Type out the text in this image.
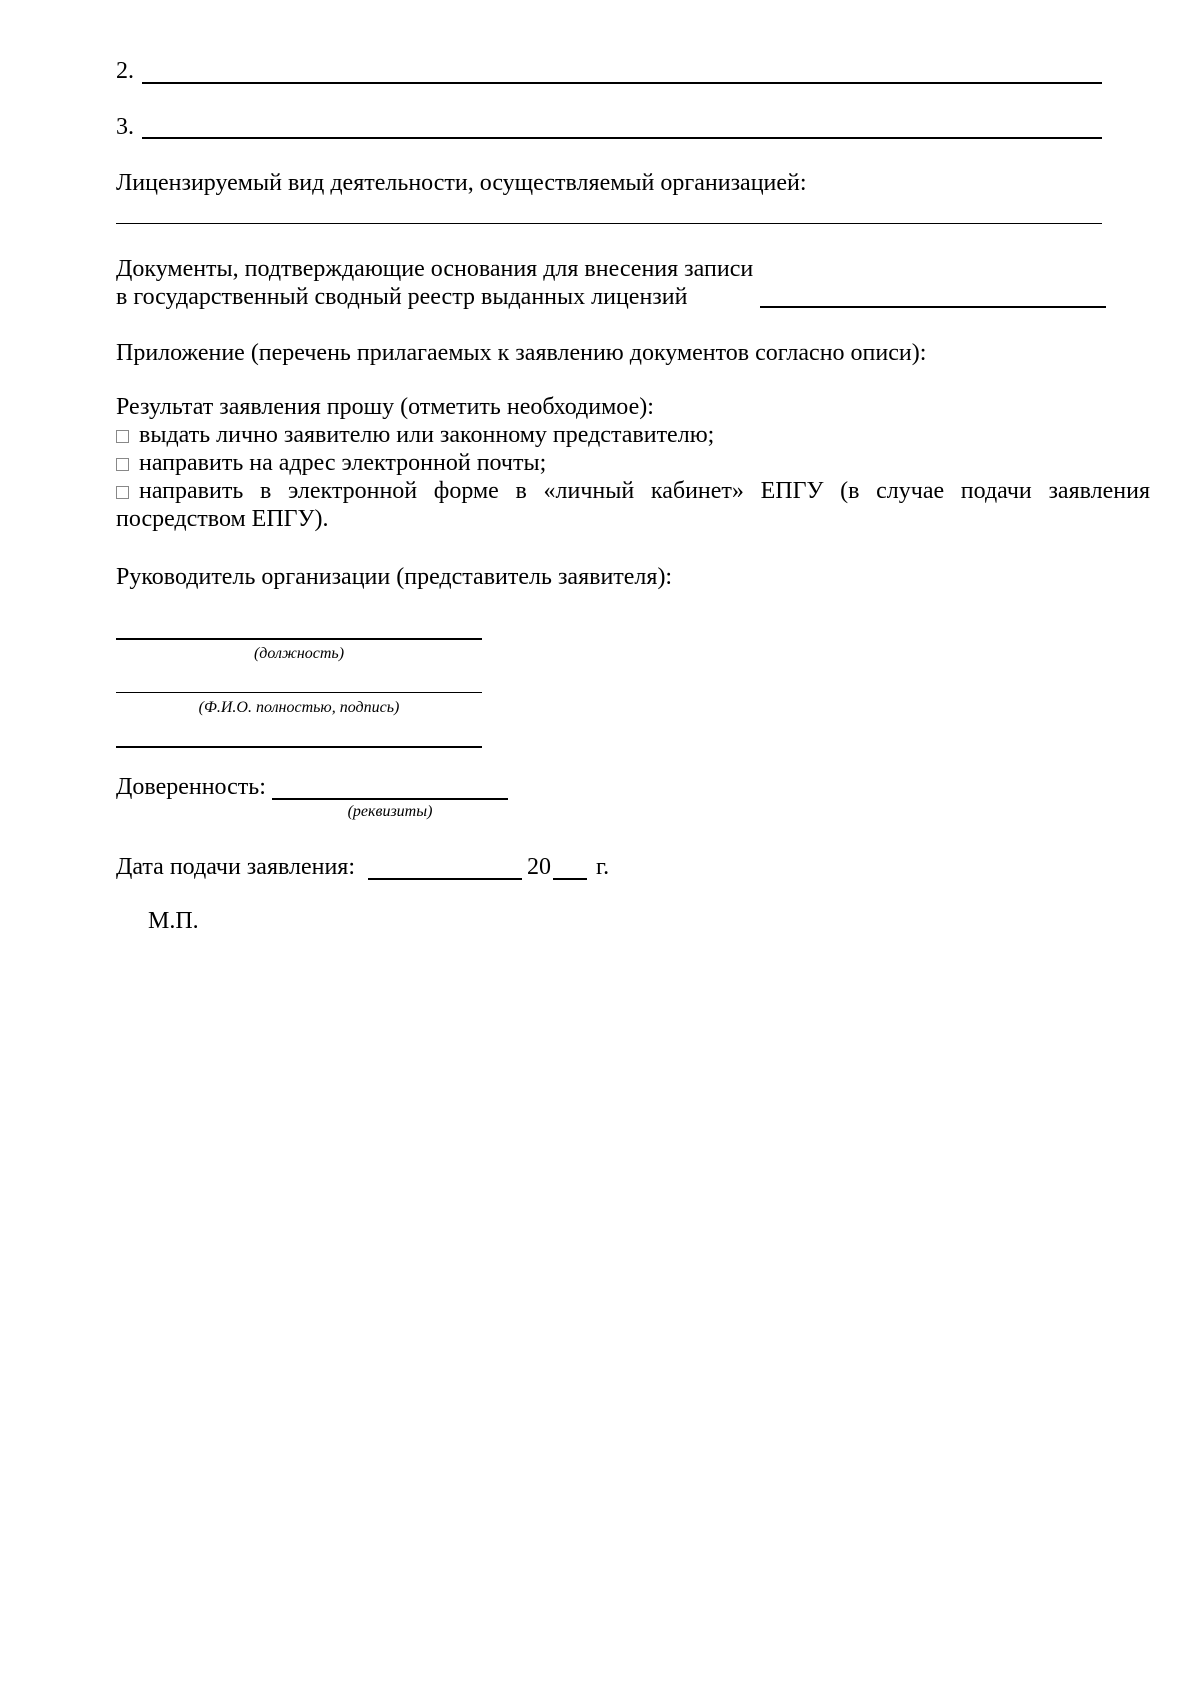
2.
3.
Лицензируемый вид деятельности, осуществляемый организацией:
Документы, подтверждающие основания для внесения записи
в государственный сводный реестр выданных лицензий
Приложение (перечень прилагаемых к заявлению документов согласно описи):
Результат заявления прошу (отметить необходимое):
выдать лично заявителю или законному представителю;
направить на адрес электронной почты;
направить в электронной форме в «личный кабинет» ЕПГУ (в случае подачи заявления
посредством ЕПГУ).
Руководитель организации (представитель заявителя):
(должность)
(Ф.И.О. полностью, подпись)
Доверенность:
(реквизиты)
Дата подачи заявления:	20 г.
М.П.
